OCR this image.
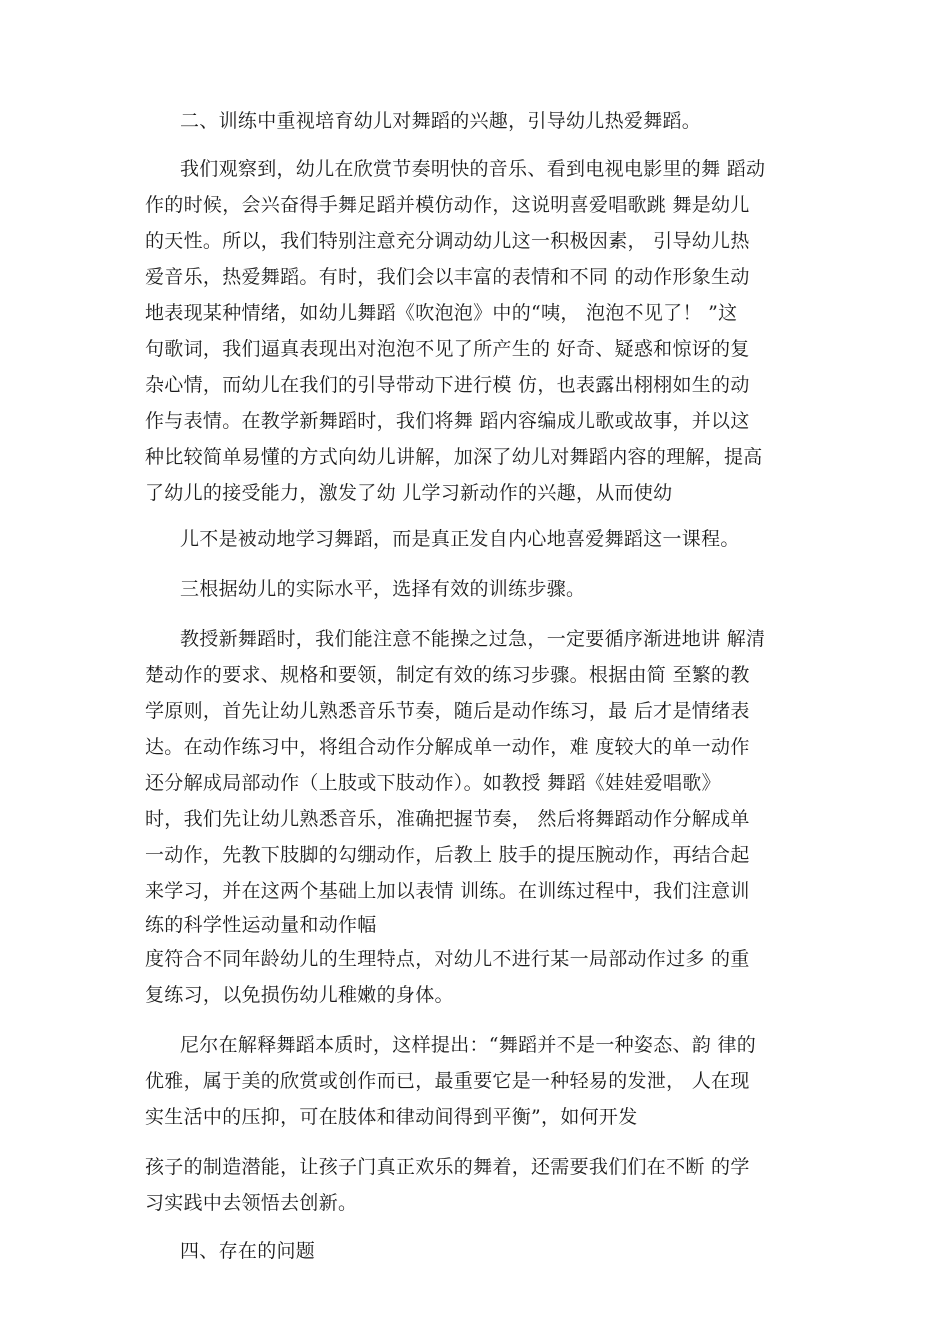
二、训练中重视培育幼儿对舞蹈的兴趣，引导幼儿热爱舞蹈。
我们观察到，幼儿在欣赏节奏明快的音乐、看到电视电影里的舞 蹈动
作的时候，会兴奋得手舞足蹈并模仿动作，这说明喜爱唱歌跳 舞是幼儿
的天性。所以，我们特别注意充分调动幼儿这一积极因素， 引导幼儿热
爱音乐，热爱舞蹈。有时，我们会以丰富的表情和不同 的动作形象生动
地表现某种情绪，如幼儿舞蹈《吹泡泡》中的“咦， 泡泡不见了！ ”这
句歌词，我们逼真表现出对泡泡不见了所产生的 好奇、疑惑和惊讶的复
杂心情，而幼儿在我们的引导带动下进行模 仿，也表露出栩栩如生的动
作与表情。在教学新舞蹈时，我们将舞 蹈内容编成儿歌或故事，并以这
种比较简单易懂的方式向幼儿讲解，加深了幼儿对舞蹈内容的理解，提高
了幼儿的接受能力，激发了幼 儿学习新动作的兴趣，从而使幼
儿不是被动地学习舞蹈，而是真正发自内心地喜爱舞蹈这一课程。
三根据幼儿的实际水平，选择有效的训练步骤。
教授新舞蹈时，我们能注意不能操之过急，一定要循序渐进地讲 解清
楚动作的要求、规格和要领，制定有效的练习步骤。根据由简 至繁的教
学原则，首先让幼儿熟悉音乐节奏，随后是动作练习，最 后才是情绪表
达。在动作练习中，将组合动作分解成单一动作，难 度较大的单一动作
还分解成局部动作（上肢或下肢动作）。如教授 舞蹈《娃娃爱唱歌》
时，我们先让幼儿熟悉音乐，准确把握节奏， 然后将舞蹈动作分解成单
一动作，先教下肢脚的勾绷动作，后教上 肢手的提压腕动作，再结合起
来学习，并在这两个基础上加以表情 训练。在训练过程中，我们注意训
练的科学性运动量和动作幅
度符合不同年龄幼儿的生理特点，对幼儿不进行某一局部动作过多 的重
复练习，以免损伤幼儿稚嫩的身体。
尼尔在解释舞蹈本质时，这样提出：“舞蹈并不是一种姿态、韵 律的
优雅，属于美的欣赏或创作而已，最重要它是一种轻易的发泄， 人在现
实生活中的压抑，可在肢体和律动间得到平衡”，如何开发
孩子的制造潜能，让孩子门真正欢乐的舞着，还需要我们们在不断 的学
习实践中去领悟去创新。
四、存在的问题
